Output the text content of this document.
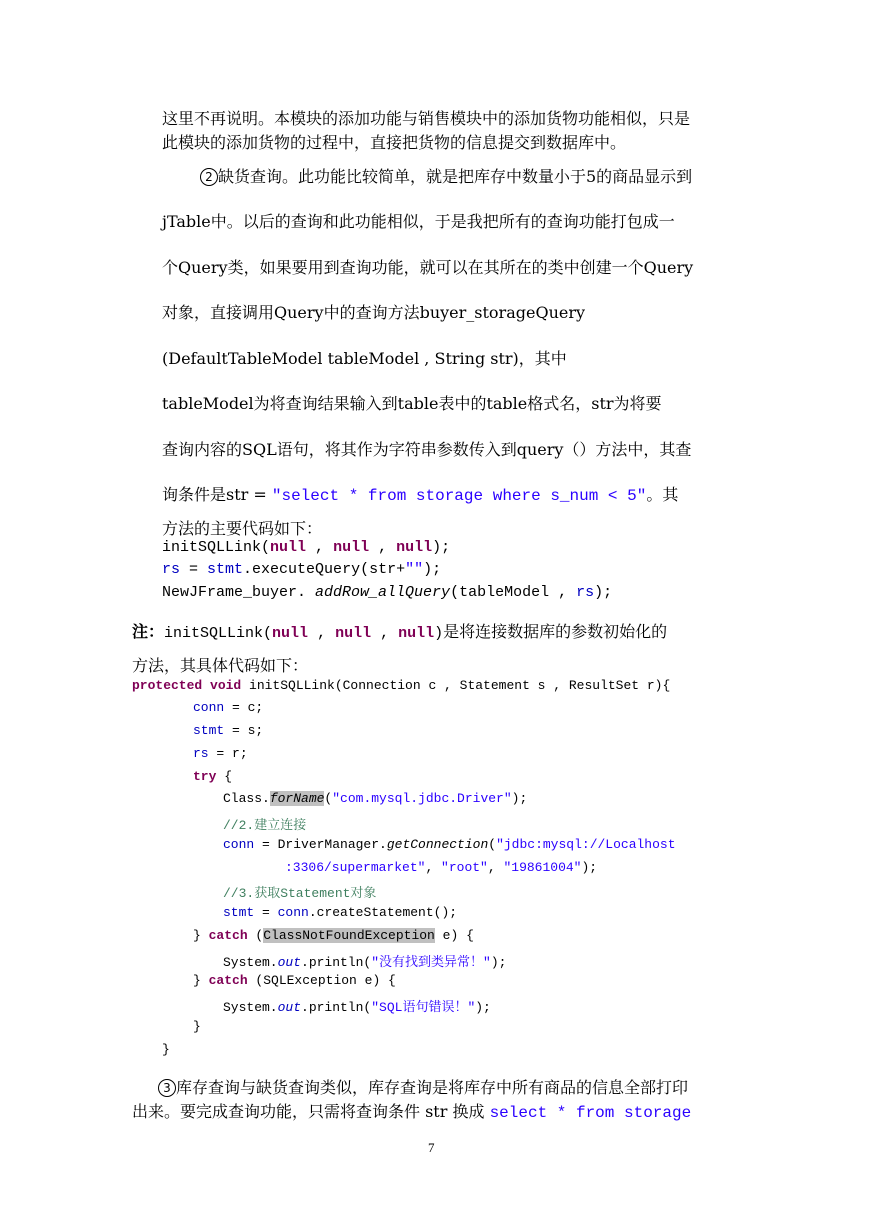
这里不再说明。本模块的添加功能与销售模块中的添加货物功能相似，只是
此模块的添加货物的过程中，直接把货物的信息提交到数据库中。
2 缺货查询。此功能比较简单，就是把库存中数量小于5的商品显示到
jTable中。以后的查询和此功能相似，于是我把所有的查询功能打包成一
个Query类，如果要用到查询功能，就可以在其所在的类中创建一个Query
对象，直接调用Query中的查询方法buyer_storageQuery
(DefaultTableModel tableModel , String str)，其中
tableModel为将查询结果输入到table表中的table格式名，str为将要
查询内容的SQL语句，将其作为字符串参数传入到query（）方法中，其查
询条件是str = "select * from storage where s_num < 5"。其
方法的主要代码如下：
initSQLLink(null , null , null);
rs = stmt.executeQuery(str+"");
NewJFrame_buyer. addRow_allQuery(tableModel , rs);
注：initSQLLink(null , null , null)是将连接数据库的参数初始化的
方法，其具体代码如下：
protected void initSQLLink(Connection c , Statement s , ResultSet r){
conn = c;
stmt = s;
rs = r;
try {
Class.forName("com.mysql.jdbc.Driver");
//2.建立连接
conn = DriverManager.getConnection("jdbc:mysql://Localhost
:3306/supermarket", "root", "19861004");
//3.获取Statement对象
stmt = conn.createStatement();
} catch (ClassNotFoundException e) {
System.out.println("没有找到类异常！");
} catch (SQLException e) {
System.out.println("SQL语句错误！");
}
}
3 库存查询与缺货查询类似，库存查询是将库存中所有商品的信息全部打印
出来。要完成查询功能，只需将查询条件 str 换成 select * from storage
7
